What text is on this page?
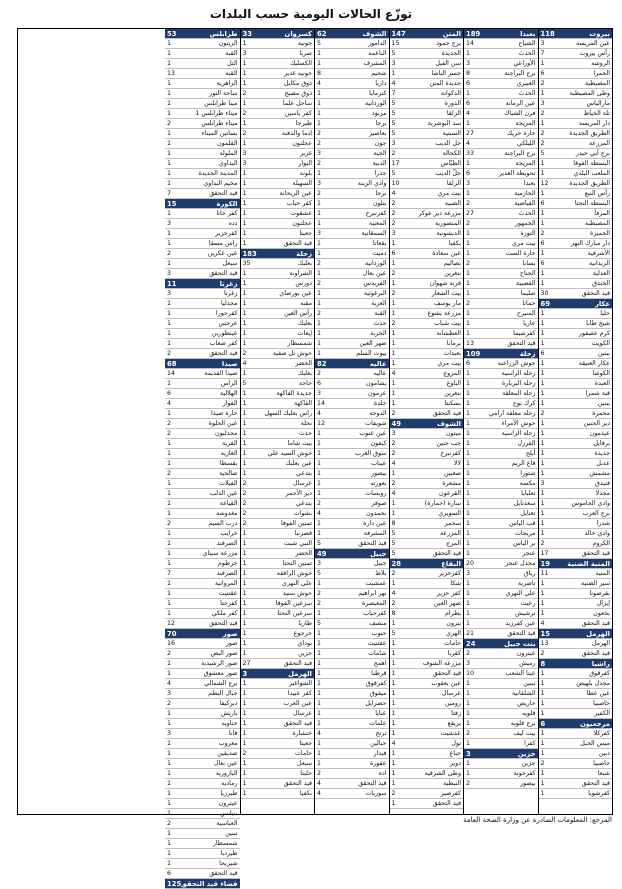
توزّع الحالات اليومية حسب البلدات
بيروت
118
عين المريسة
3
رأس بيروت
7
الروشة
1
الحمرا
6
المصيطبة
2
وطى المصيطبة
1
مارالياس
3
تلة الخياط
2
دار المريسة
1
الطريق الجديدة
2
المزرعة
2
برج أبي حيدر
5
البسطة الفوقا
1
الملعب البلدي
1
الطريق الجديدة
12
رأس النبع
1
البسطة التحتا
6
المرفأ
1
المصيطبة
1
الجميزة
2
دار مبارك النهر
6
الأشرفية
1
الزيدانية
6
العدلية
1
الخندق
1
قيد التحقق
30
عكار
69
حلبا
1
شيخ طابا
1
كرم عصفور
1
الكويت
1
ببنين
6
عكار العتيقة
1
الكوشا
1
العبدة
1
قبة شمرا
1
ببنين
1
محمرة
2
دير الجنين
1
عيدمون
1
برقايل
1
جديدة
1
عدبل
1
مشمش
1
فنيدق
3
مجدلا
1
وادي الجاموس
1
برج العرب
1
شدرا
1
وادي خالد
1
الكروم
2
قيد التحقق
17
المنية الضنية
19
المنية
11
سير الضنية
1
بقرصونا
1
إيزال
1
بخعون
1
قيد التحقق
4
الهرمل
15
الهرمل
13
قيد التحقق
2
راشيا
8
كفرقوق
1
مجدل بلهيص
1
عين عطا
1
حاصبيا
1
الكفير
1
مرجعيون
6
كفركلا
1
ميس الجبل
1
دبين
1
حاصبيا
2
شبعا
1
قيد التحقق
1
كفرشوبا
1
بعبدا
189
الشياح
14
الحدث
1
الأوزاعي
3
برج البراجنة
8
الغبيري
6
الحدث
1
عين الرمانة
6
فرن الشباك
4
المريجة
1
حارة حريك
27
الليلكي
4
برج البراجنة
33
المريجة
1
تحويطة الغدير
6
بعبدا
3
الحازمية
1
الفياضية
2
الحدث
27
الجمهور
2
التوزة
1
بيت مري
1
حارة الست
1
بسابا
2
الجناح
1
القصيبة
1
صليما
1
حمانا
2
المنيرح
1
عاريا
1
كفرشيما
1
قيد التحقق
13
زحلة
109
حوش الزراعنة
6
زحلة الراسية
1
زحلة البربارة
1
زحلة المعلقة
1
كرك نوح
1
زحلة معلقة ارامي
1
حوش الأمراء
1
زحلة الراسية
1
الفرزل
1
أبلح
1
قاع الريم
1
شتورا
1
مكسة
1
تعلبايا
1
سعدنايل
1
تعنايل
1
قب الياس
1
مريجات
1
بر الياس
1
عنجر
1
مجدل عنجر
20
رياق
3
تاصرية
1
علي النهري
1
رعيت
1
ترشيش
1
عين كفرزبد
1
قيد التحقق
21
بنت جبيل
24
عيترون
2
رميش
3
عيتا الشعب
10
تبنين
1
الشلفانية
1
حاريص
1
قلويه
1
برج قلويه
1
بيت ليف
2
كفرا
1
جزين
3
جزين
1
كفرحونة
1
بيصور
2
المتن
147
برج حمود
15
الجديدة
5
سن الفيل
3
جسر الباشا
1
جديدة المتن
4
الدكوانة
7
الدورة
5
الزلقا
5
سد البوشرية
5
السبتية
5
جل الديب
3
الكحالة
2
الطيّاس
17
جلّ الديب
5
الزلقا
10
بيت مري
4
الضبية
2
مزرعة دير عوكر
2
المنصورية
2
الديشونية
3
بكفيا
1
عين سعادة
6
بصاليم
1
بتغرين
2
قرنة شهوان
1
بيت الشعار
2
مار يوسف
1
مزرعة يشوع
1
بيت شباب
2
العطشانة
1
برمانا
1
بعبدات
1
بيت مري
1
المروج
4
الباوع
1
بتغرين
1
بسكنتا
1
قيد التحقق
2
الشوف
49
ميتون
3
جب جنين
2
كفرنبرخ
2
لالا
4
صغبين
1
مشغرة
2
القرعون
4
سارة (حمارة)
1
السويري
1
سحمر
8
المزرعة
5
المرج
5
قيد التحقق
5
البقاع
28
كفرحزير
2
شكا
1
كفر حزير
4
ضهر العين
2
بطرام
8
بترون
1
الهري
5
حامات
1
كفريا
1
مزرعة الشوف
1
قيد التحقق
1
عين يعقوب
1
عرسال
1
رومين
1
زفتا
1
بريقع
1
عدشيت
1
تول
4
جباع
1
دوير
1
وطى الشرقية
1
النبطية
1
كفرصير
2
قيد التحقق
1
الشوف
62
الدامور
5
الناعمة
1
المشرف
1
شحيم
8
داريا
4
كترمايا
1
الوردانية
1
مزبود
1
برجا
1
بعاصير
2
جون
2
الجية
3
الدبية
2
جدرا
1
وادي الزينة
3
برجا
2
بتلون
1
كفرنبرخ
1
المعنية
1
السمقانية
3
بقعاتا
1
دميت
1
الوردانية
2
عين بعال
1
الفريدس
2
البرغوثية
1
العزية
1
القبة
2
حدث
1
الخربة
1
ضهر العين
1
بيوت السلم
1
عاليه
82
عاليه
2
بشامون
6
عرمون
3
خلدة
14
الدوحة
4
شويفات
12
عين عنوب
1
كيفون
1
سوق الغرب
1
عيناب
1
بيصور
1
بعورته
1
رويسات
1
صوفر
2
بحمدون
4
عين دارة
1
المشرفة
1
قيد التحقق
5
جبيل
49
جبيل
3
بلاط
5
عمشيت
1
نهر ابراهيم
2
المعيصرة
2
كفرحباب
1
منصف
5
حبوب
1
عقتنيت
1
شامات
1
اهمج
1
قرطبا
1
كفرقوق
1
ميفوق
1
حصرايل
1
عنايا
1
علمات
1
ترتج
4
حبالين
1
فيدار
1
عقورة
1
اده
2
قيد التحقق
4
سوريات
4
كسروان
33
جونية
1
صربا
3
الكسليك
1
جونيه غدير
1
ذوق مكايل
1
ذوق مصبح
2
ساحل علما
1
كفر ياسين
2
طبرجا
1
ادما والدفنة
2
عجلتون
1
غزير
3
البوار
3
بلونة
1
السهيلة
1
عين الريحانة
1
كفر حباب
1
عشقوت
1
عجلتون
1
جعيتا
1
قيد التحقق
1
زحلة
183
بعلبك
35
الشراونة
1
دورس
1
عين بورضاي
1
مقنة
1
رأس العين
1
بعلبك
1
إيعات
1
شمسطار
1
حوش تل صفية
2
الخضر
4
بعلبك
1
جاجة
5
جديدة الفاكهة
1
الفاكهة
1
راس بعلبك السهل
1
نحلة
1
حدث
1
بيت شاما
1
حوش السيد علي
1
عين بعلبك
1
بتدعي
1
عرسال
2
دير الأحمر
2
بتدعي
2
بشوات
2
تمنين الفوقا
2
قصرنبا
1
النبي شيت
1
الخضر
1
تمنين التحتا
1
حوش الرافقة
1
علي النهري
1
حوش سنيد
1
سرعين الفوقا
1
سرعين التحتا
1
طاريا
1
جرجوع
1
بوداي
1
حزين
1
قيد التحقق
27
الهرمل
3
الشواغير
1
كفر عبيدا
1
عين العرب
1
عرسال
1
فيد التحقق
1
خنشارة
1
جعيتا
1
حامات
2
سبعل
1
حلبتا
1
قيد التحقق
1
بكفيا
1
طرابلس
53
الزيتون
1
القبة
1
التل
1
القبة
13
الزاهرية
1
ساحة النور
1
مينا طرابلس
1
ميناء طرابلس 1
1
ميناء طرابلس
2
بساتين الميناء
1
القلمون
1
الملولة
1
البداوي
1
المدينة الجديدة
1
مخيم البداوي
1
قيد التحقق
7
الكورة
15
كفر حاتا
1
دده
3
كفرحزير
1
راس مسقا
1
عين عكرين
2
سبعل
1
قيد التحقق
3
زغرتا
11
زغرتا
3
مجدليا
1
كفرحورا
1
عرجس
1
عينطورين
1
كفر صغاب
1
قيد التحقق
2
صيدا
68
صيدا القديمة
14
الراس
1
الهلالية
6
الفوار
4
حارة صيدا
1
عين الحلوة
2
مجدليون
2
القرية
1
الغازية
1
بقسطا
1
صالحية
2
الفيلات
1
عين الدلب
1
القياعة
1
مغدوشة
1
درب السيم
2
خرايب
1
الصرفند
1
مزرعة سيناي
1
خرطوم
1
الصرفند
7
المروانية
1
عقتنيت
1
كفرحتا
1
كفر ملكي
1
قيد التحقق
12
صور
70
صور
16
صور البص
2
صور الرشيدية
1
صور معشوق
1
برج الشمالي
4
جبال البطم
3
ديركيفا
2
باريش
1
حناويه
1
قانا
3
معروب
1
صديقين
1
عين بعال
1
البازورية
1
رمادية
1
طيرزيا
1
عيترون
1
بنيانس
1
العباسية
2
تبنين
1
شمسطار
1
طيردبا
1
شبريحا
1
قيد التحقق
6
قضاء قيد التحقق
125
المرجع: المعلومات الصادرة عن وزارة الصحة العامة
